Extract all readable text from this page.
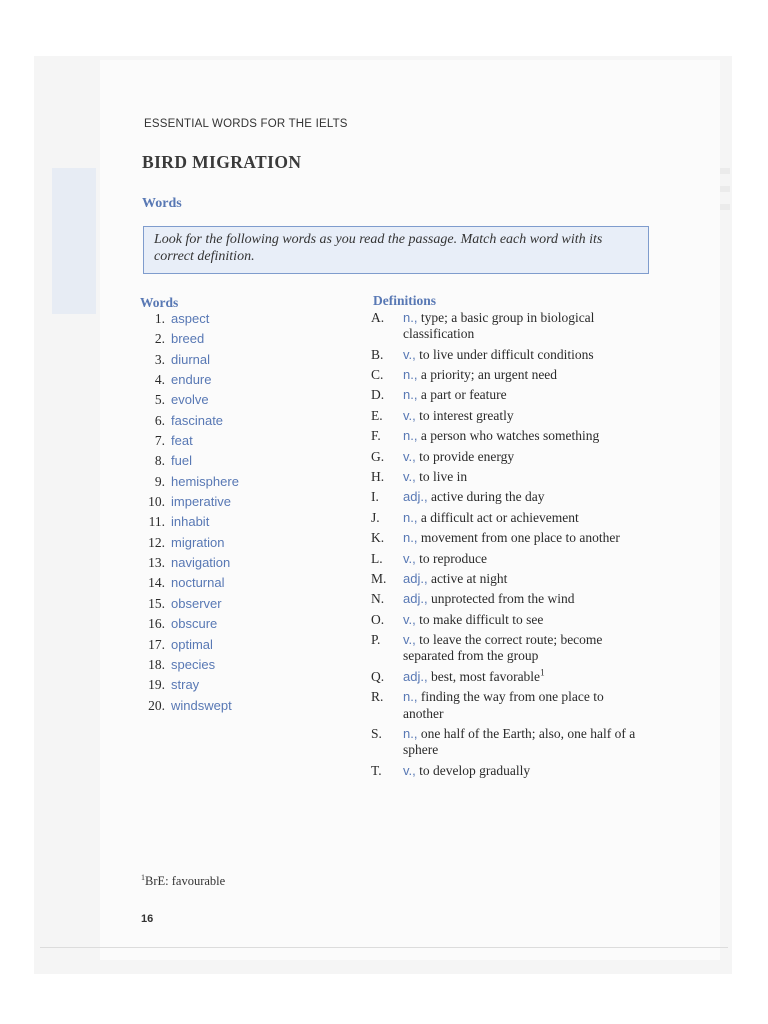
ESSENTIAL WORDS FOR THE IELTS
BIRD MIGRATION
Words
Look for the following words as you read the passage. Match each word with its correct definition.
Words	Definitions
1. aspect
2. breed
3. diurnal
4. endure
5. evolve
6. fascinate
7. feat
8. fuel
9. hemisphere
10. imperative
11. inhabit
12. migration
13. navigation
14. nocturnal
15. observer
16. obscure
17. optimal
18. species
19. stray
20. windswept
A.	n., type; a basic group in biological classification
B.	v., to live under difficult conditions
C.	n., a priority; an urgent need
D.	n., a part or feature
E.	v., to interest greatly
F.	n., a person who watches something
G.	v., to provide energy
H.	v., to live in
I.	adj., active during the day
J.	n., a difficult act or achievement
K.	n., movement from one place to another
L.	v., to reproduce
M.	adj., active at night
N.	adj., unprotected from the wind
O.	v., to make difficult to see
P.	v., to leave the correct route; become separated from the group
Q.	adj., best, most favorable$^1$
R.	n., finding the way from one place to another
S.	n., one half of the Earth; also, one half of a sphere
T.	v., to develop gradually
$^1$BrE: favourable
16
